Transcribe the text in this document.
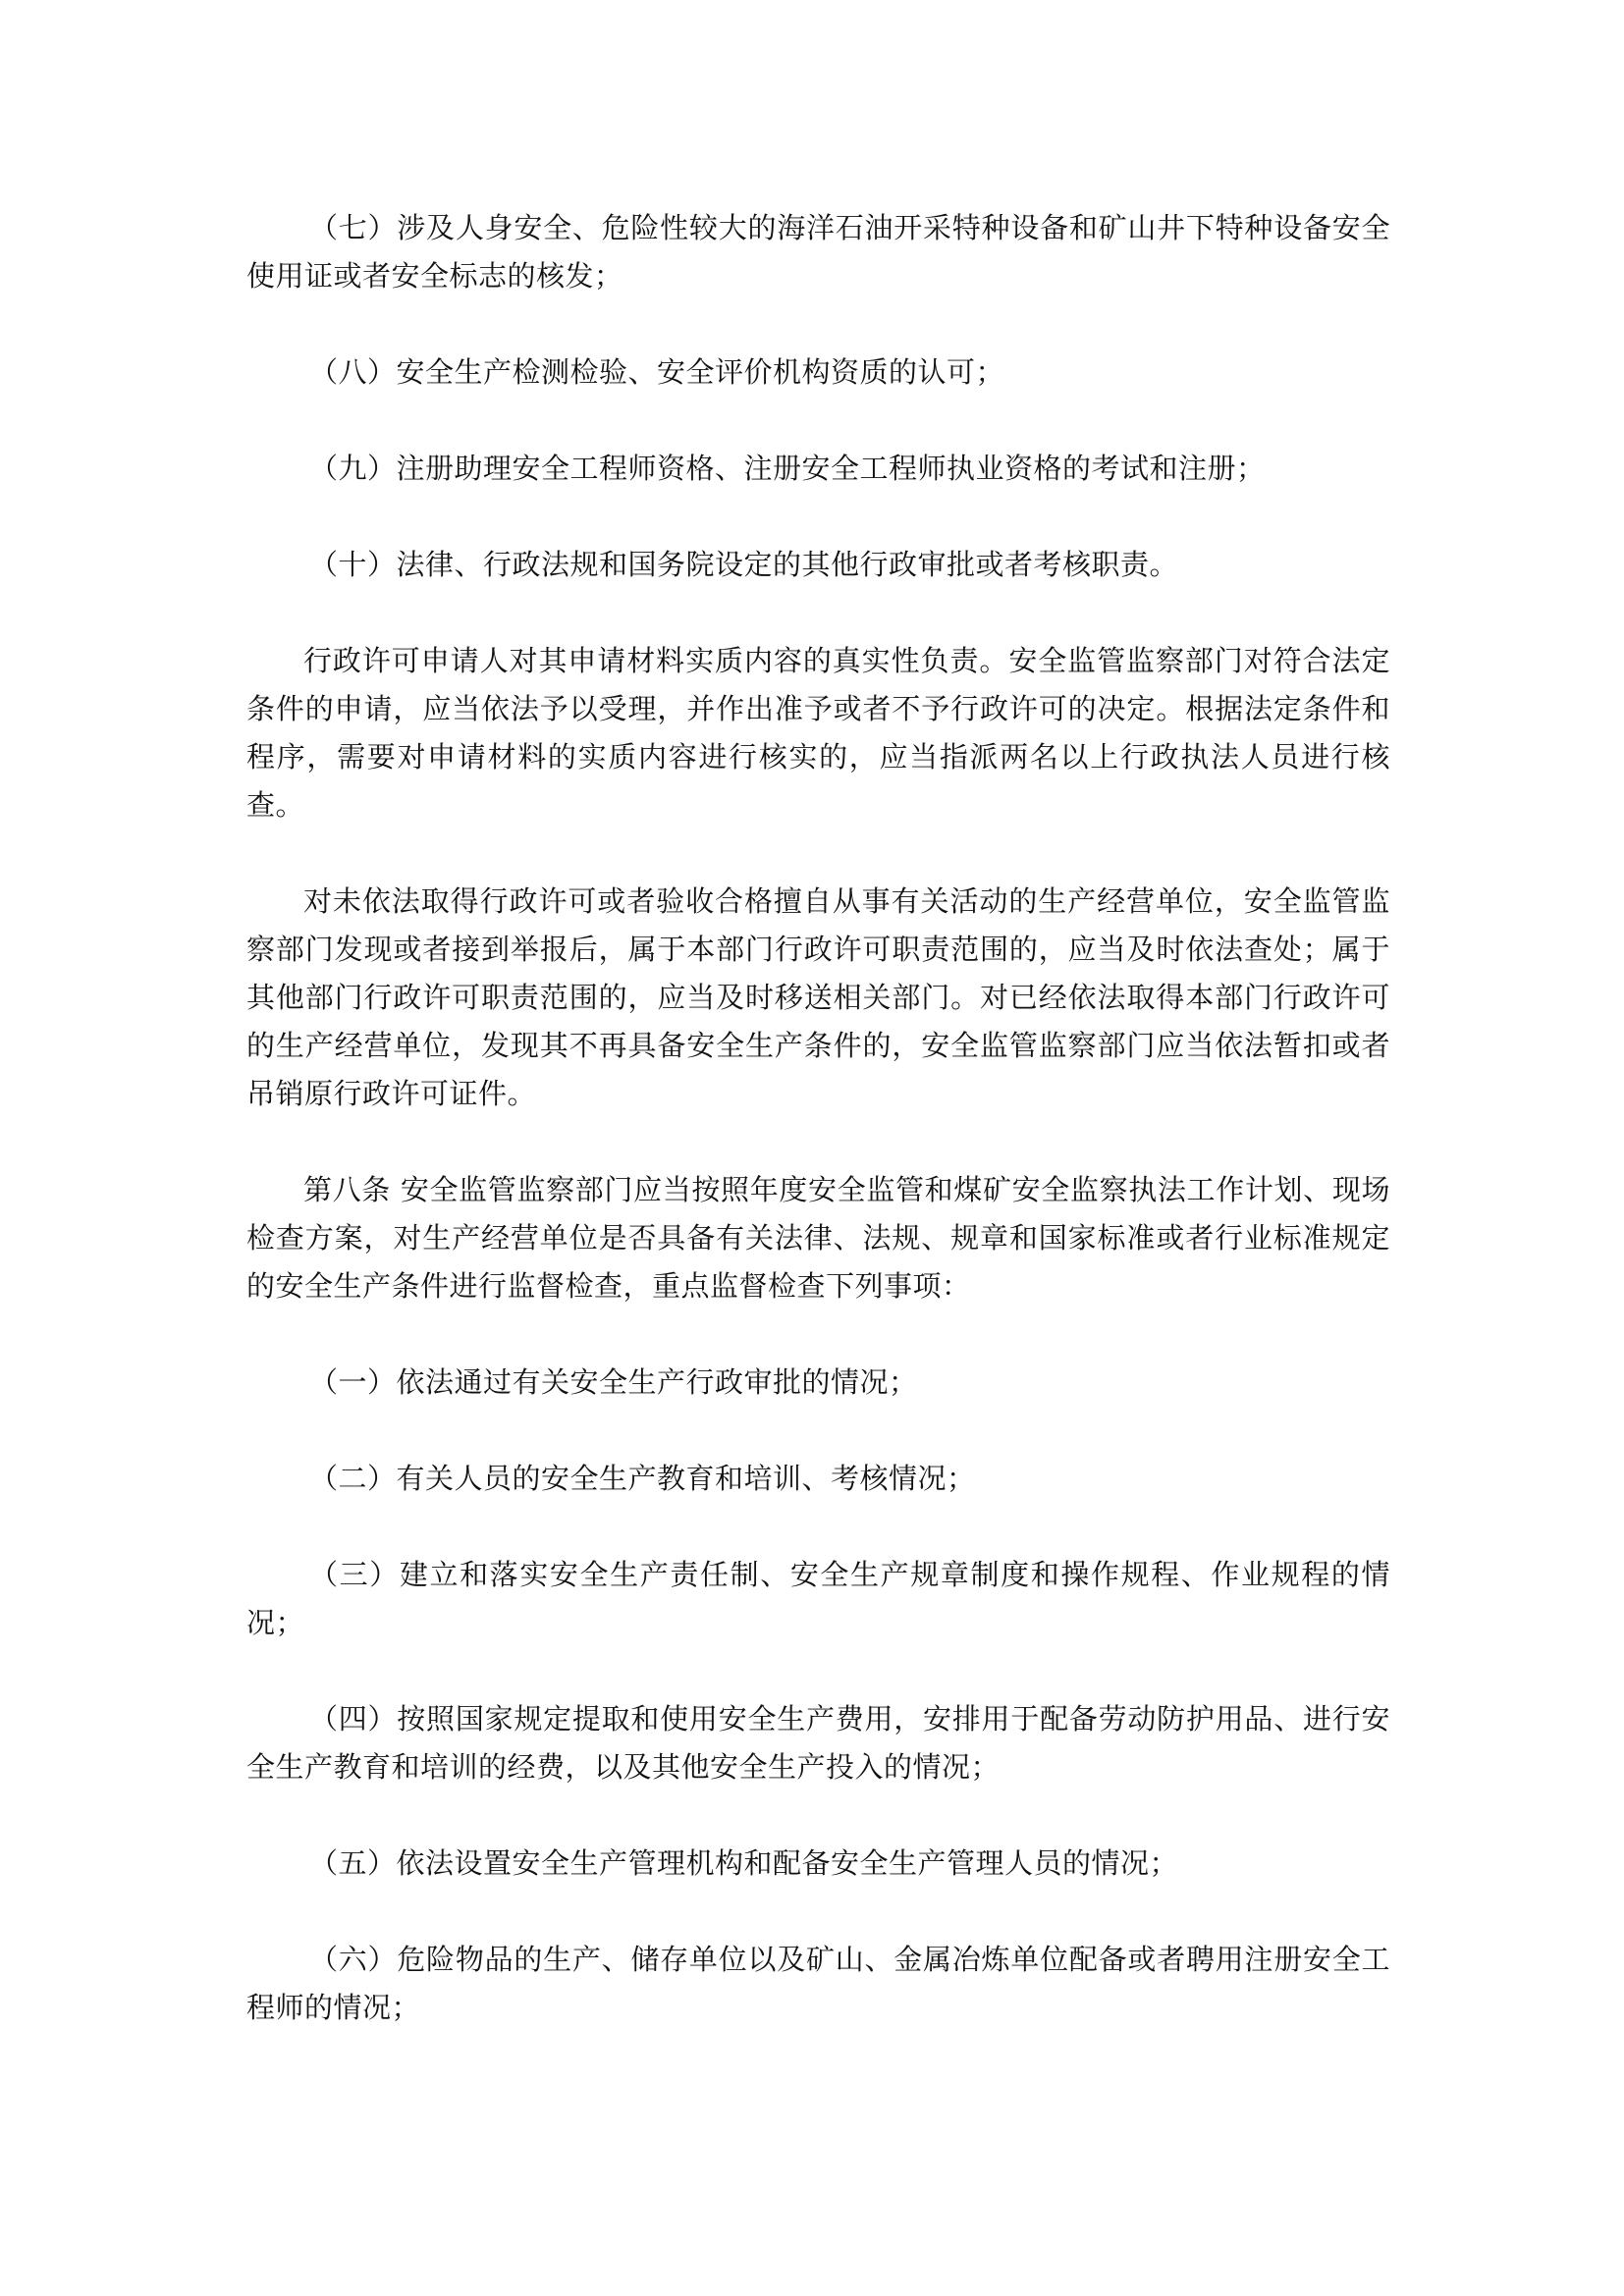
（七）涉及人身安全、危险性较大的海洋石油开采特种设备和矿山井下特种设备安全使用证或者安全标志的核发；

（八）安全生产检测检验、安全评价机构资质的认可；

（九）注册助理安全工程师资格、注册安全工程师执业资格的考试和注册；

（十）法律、行政法规和国务院设定的其他行政审批或者考核职责。

行政许可申请人对其申请材料实质内容的真实性负责。安全监管监察部门对符合法定条件的申请，应当依法予以受理，并作出准予或者不予行政许可的决定。根据法定条件和程序，需要对申请材料的实质内容进行核实的，应当指派两名以上行政执法人员进行核查。

对未依法取得行政许可或者验收合格擅自从事有关活动的生产经营单位，安全监管监察部门发现或者接到举报后，属于本部门行政许可职责范围的，应当及时依法查处；属于其他部门行政许可职责范围的，应当及时移送相关部门。对已经依法取得本部门行政许可的生产经营单位，发现其不再具备安全生产条件的，安全监管监察部门应当依法暂扣或者吊销原行政许可证件。

第八条 安全监管监察部门应当按照年度安全监管和煤矿安全监察执法工作计划、现场检查方案，对生产经营单位是否具备有关法律、法规、规章和国家标准或者行业标准规定的安全生产条件进行监督检查，重点监督检查下列事项：

（一）依法通过有关安全生产行政审批的情况；

（二）有关人员的安全生产教育和培训、考核情况；

（三）建立和落实安全生产责任制、安全生产规章制度和操作规程、作业规程的情况；

（四）按照国家规定提取和使用安全生产费用，安排用于配备劳动防护用品、进行安全生产教育和培训的经费，以及其他安全生产投入的情况；

（五）依法设置安全生产管理机构和配备安全生产管理人员的情况；

（六）危险物品的生产、储存单位以及矿山、金属冶炼单位配备或者聘用注册安全工程师的情况；
